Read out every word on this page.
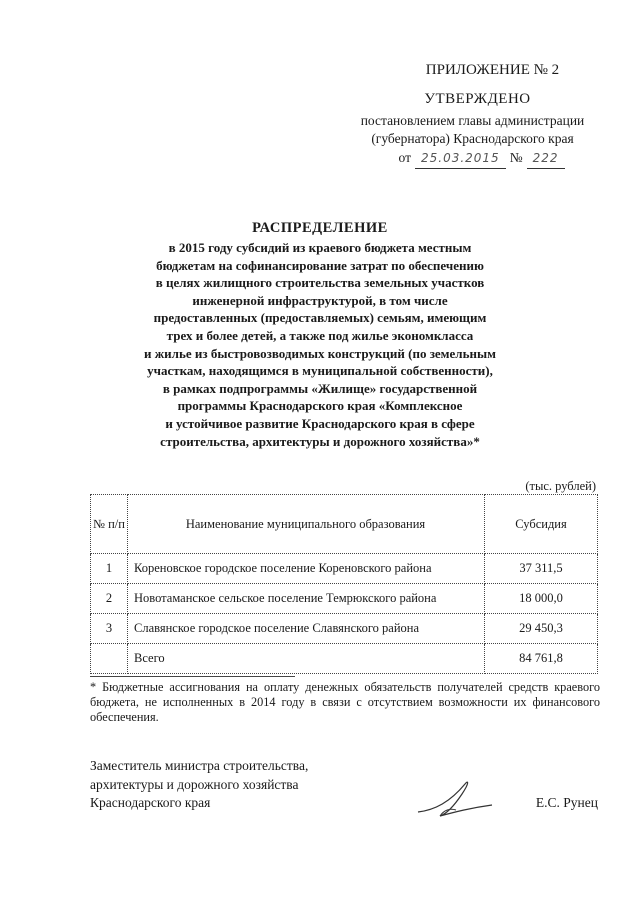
ПРИЛОЖЕНИЕ № 2
УТВЕРЖДЕНО
постановлением главы администрации
(губернатора) Краснодарского края
от 25.03.2015 № 222
РАСПРЕДЕЛЕНИЕ
в 2015 году субсидий из краевого бюджета местным
бюджетам на софинансирование затрат по обеспечению
в целях жилищного строительства земельных участков
инженерной инфраструктурой, в том числе
предоставленных (предоставляемых) семьям, имеющим
трех и более детей, а также под жилье экономкласса
и жилье из быстровозводимых конструкций (по земельным
участкам, находящимся в муниципальной собственности),
в рамках подпрограммы «Жилище» государственной
программы Краснодарского края «Комплексное
и устойчивое развитие Краснодарского края в сфере
строительства, архитектуры и дорожного хозяйства»*
(тыс. рублей)
№ п/п	Наименование муниципального образования	Субсидия
1	Кореновское городское поселение Кореновского района	37 311,5
2	Новотаманское сельское поселение Темрюкского района	18 000,0
3	Славянское городское поселение Славянского района	29 450,3
	Всего	84 761,8
* Бюджетные ассигнования на оплату денежных обязательств получателей средств краевого бюджета, не исполненных в 2014 году в связи с отсутствием возможности их финансового обеспечения.
Заместитель министра строительства,
архитектуры и дорожного хозяйства
Краснодарского края	Е.С. Рунец
